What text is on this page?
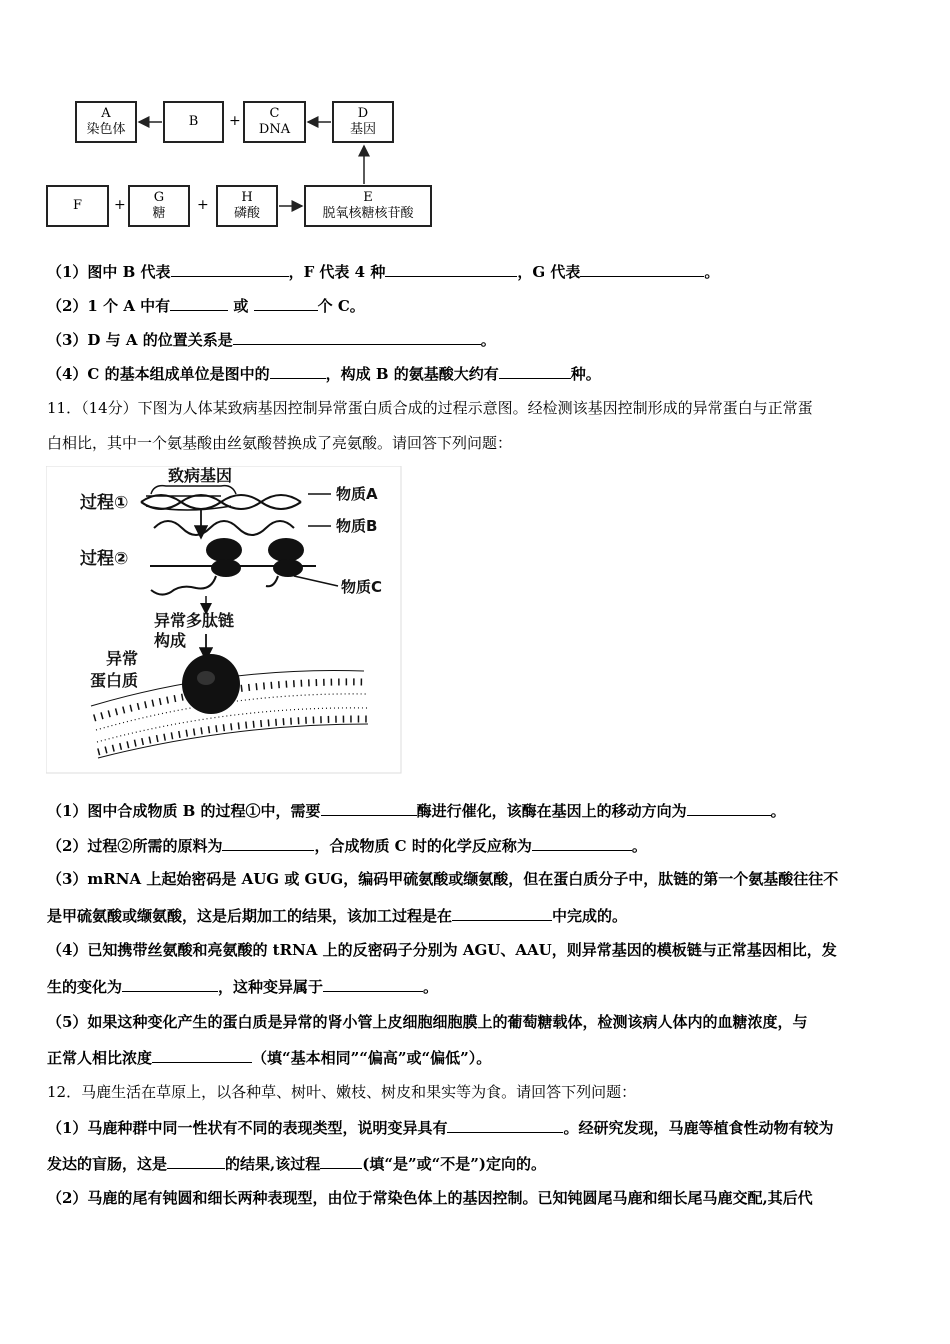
A
染色体
B + C
DNA
D
基因
F + G
糖
+	H
磷酸
E
脱氧核糖核苷酸
（1）图中 B 代表	，F 代表 4 种	，G 代表	。
（2）1 个 A 中有	或	个 C。
（3）D 与 A 的位置关系是	。
（4）C 的基本组成单位是图中的	，构成 B 的氨基酸大约有	种。
11．（14分）下图为人体某致病基因控制异常蛋白质合成的过程示意图。经检测该基因控制形成的异常蛋白与正常蛋
白相比，其中一个氨基酸由丝氨酸替换成了亮氨酸。请回答下列问题：
致病基因
过程①	物质A
物质B
过程②
物质C
异常多肽链
构成
异常
蛋白质
（1）图中合成物质 B 的过程①中，需要	酶进行催化，该酶在基因上的移动方向为	。
（2）过程②所需的原料为	，合成物质 C 时的化学反应称为	。
（3）mRNA 上起始密码是 AUG 或 GUG，编码甲硫氨酸或缬氨酸，但在蛋白质分子中，肽链的第一个氨基酸往往不
是甲硫氨酸或缬氨酸，这是后期加工的结果，该加工过程是在	中完成的。
（4）已知携带丝氨酸和亮氨酸的 tRNA 上的反密码子分别为 AGU、AAU，则异常基因的模板链与正常基因相比，发
生的变化为	，这种变异属于	。
（5）如果这种变化产生的蛋白质是异常的肾小管上皮细胞细胞膜上的葡萄糖载体，检测该病人体内的血糖浓度，与
正常人相比浓度	（填“基本相同”“偏高”或“偏低”）。
12．马鹿生活在草原上，以各种草、树叶、嫩枝、树皮和果实等为食。请回答下列问题：
（1）马鹿种群中同一性状有不同的表现类型，说明变异具有	。经研究发现，马鹿等植食性动物有较为
发达的盲肠，这是	的结果,该过程	(填“是”或“不是”)定向的。
（2）马鹿的尾有钝圆和细长两种表现型，由位于常染色体上的基因控制。已知钝圆尾马鹿和细长尾马鹿交配,其后代
